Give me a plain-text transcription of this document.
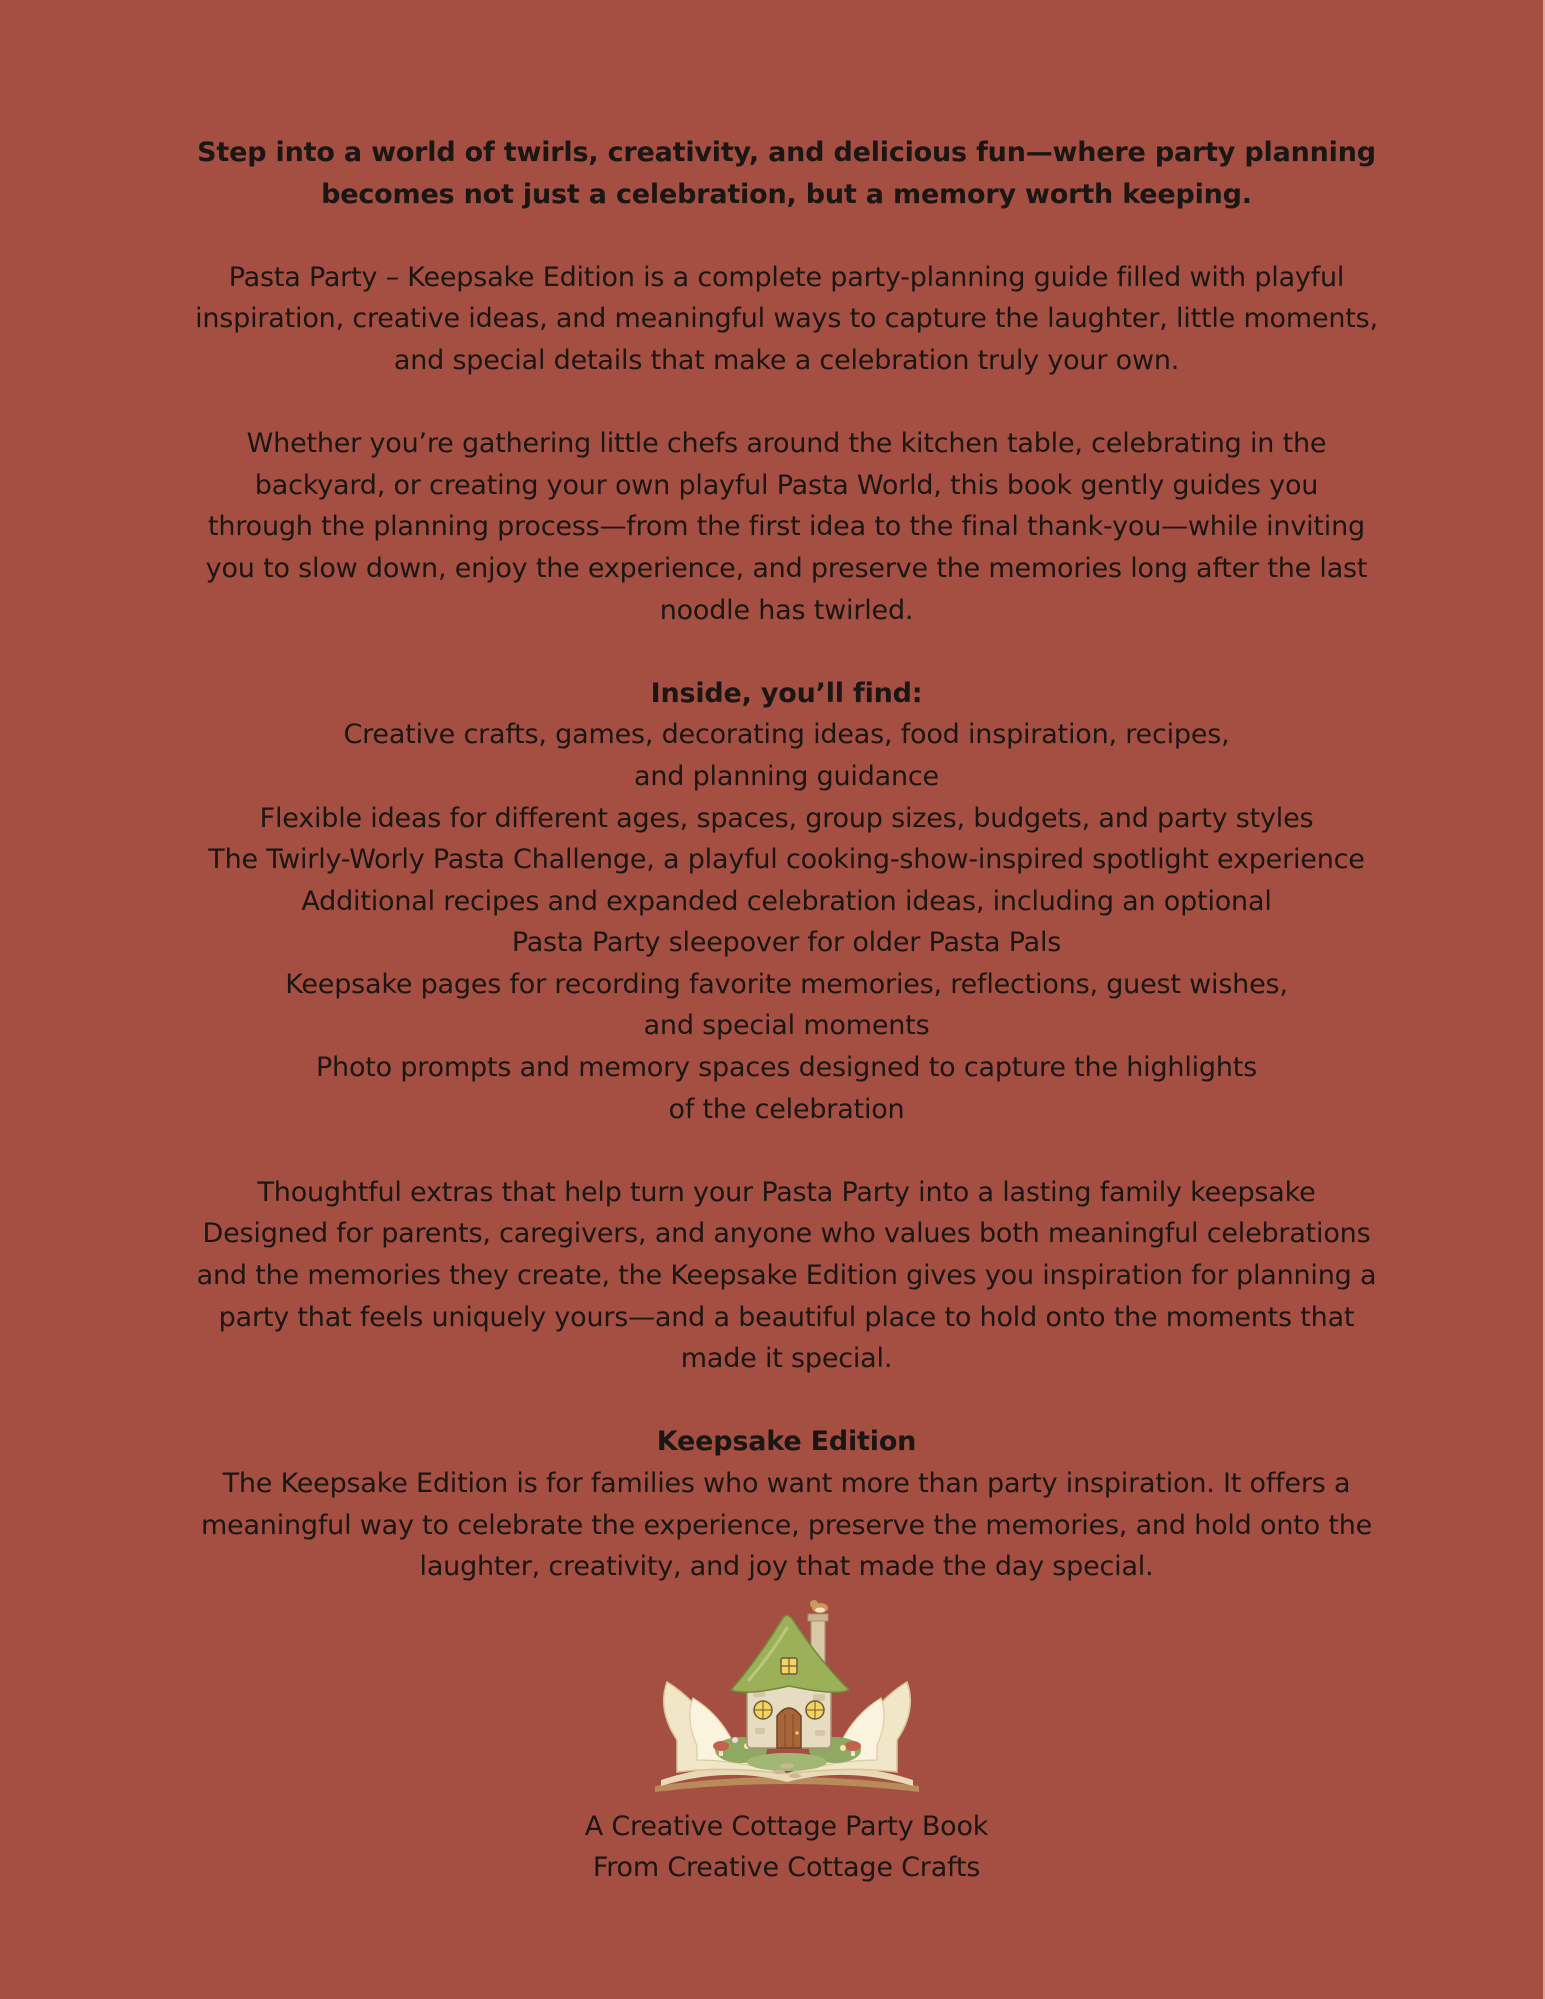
Step into a world of twirls, creativity, and delicious fun—where party planning
becomes not just a celebration, but a memory worth keeping.
Pasta Party – Keepsake Edition is a complete party-planning guide filled with playful
inspiration, creative ideas, and meaningful ways to capture the laughter, little moments,
and special details that make a celebration truly your own.
Whether you’re gathering little chefs around the kitchen table, celebrating in the
backyard, or creating your own playful Pasta World, this book gently guides you
through the planning process—from the first idea to the final thank-you—while inviting
you to slow down, enjoy the experience, and preserve the memories long after the last
noodle has twirled.
Inside, you’ll find:
Creative crafts, games, decorating ideas, food inspiration, recipes,
and planning guidance
Flexible ideas for different ages, spaces, group sizes, budgets, and party styles
The Twirly-Worly Pasta Challenge, a playful cooking-show-inspired spotlight experience
Additional recipes and expanded celebration ideas, including an optional
Pasta Party sleepover for older Pasta Pals
Keepsake pages for recording favorite memories, reflections, guest wishes,
and special moments
Photo prompts and memory spaces designed to capture the highlights
of the celebration
Thoughtful extras that help turn your Pasta Party into a lasting family keepsake
Designed for parents, caregivers, and anyone who values both meaningful celebrations
and the memories they create, the Keepsake Edition gives you inspiration for planning a
party that feels uniquely yours—and a beautiful place to hold onto the moments that
made it special.
Keepsake Edition
The Keepsake Edition is for families who want more than party inspiration. It offers a
meaningful way to celebrate the experience, preserve the memories, and hold onto the
laughter, creativity, and joy that made the day special.
A Creative Cottage Party Book
From Creative Cottage Crafts
